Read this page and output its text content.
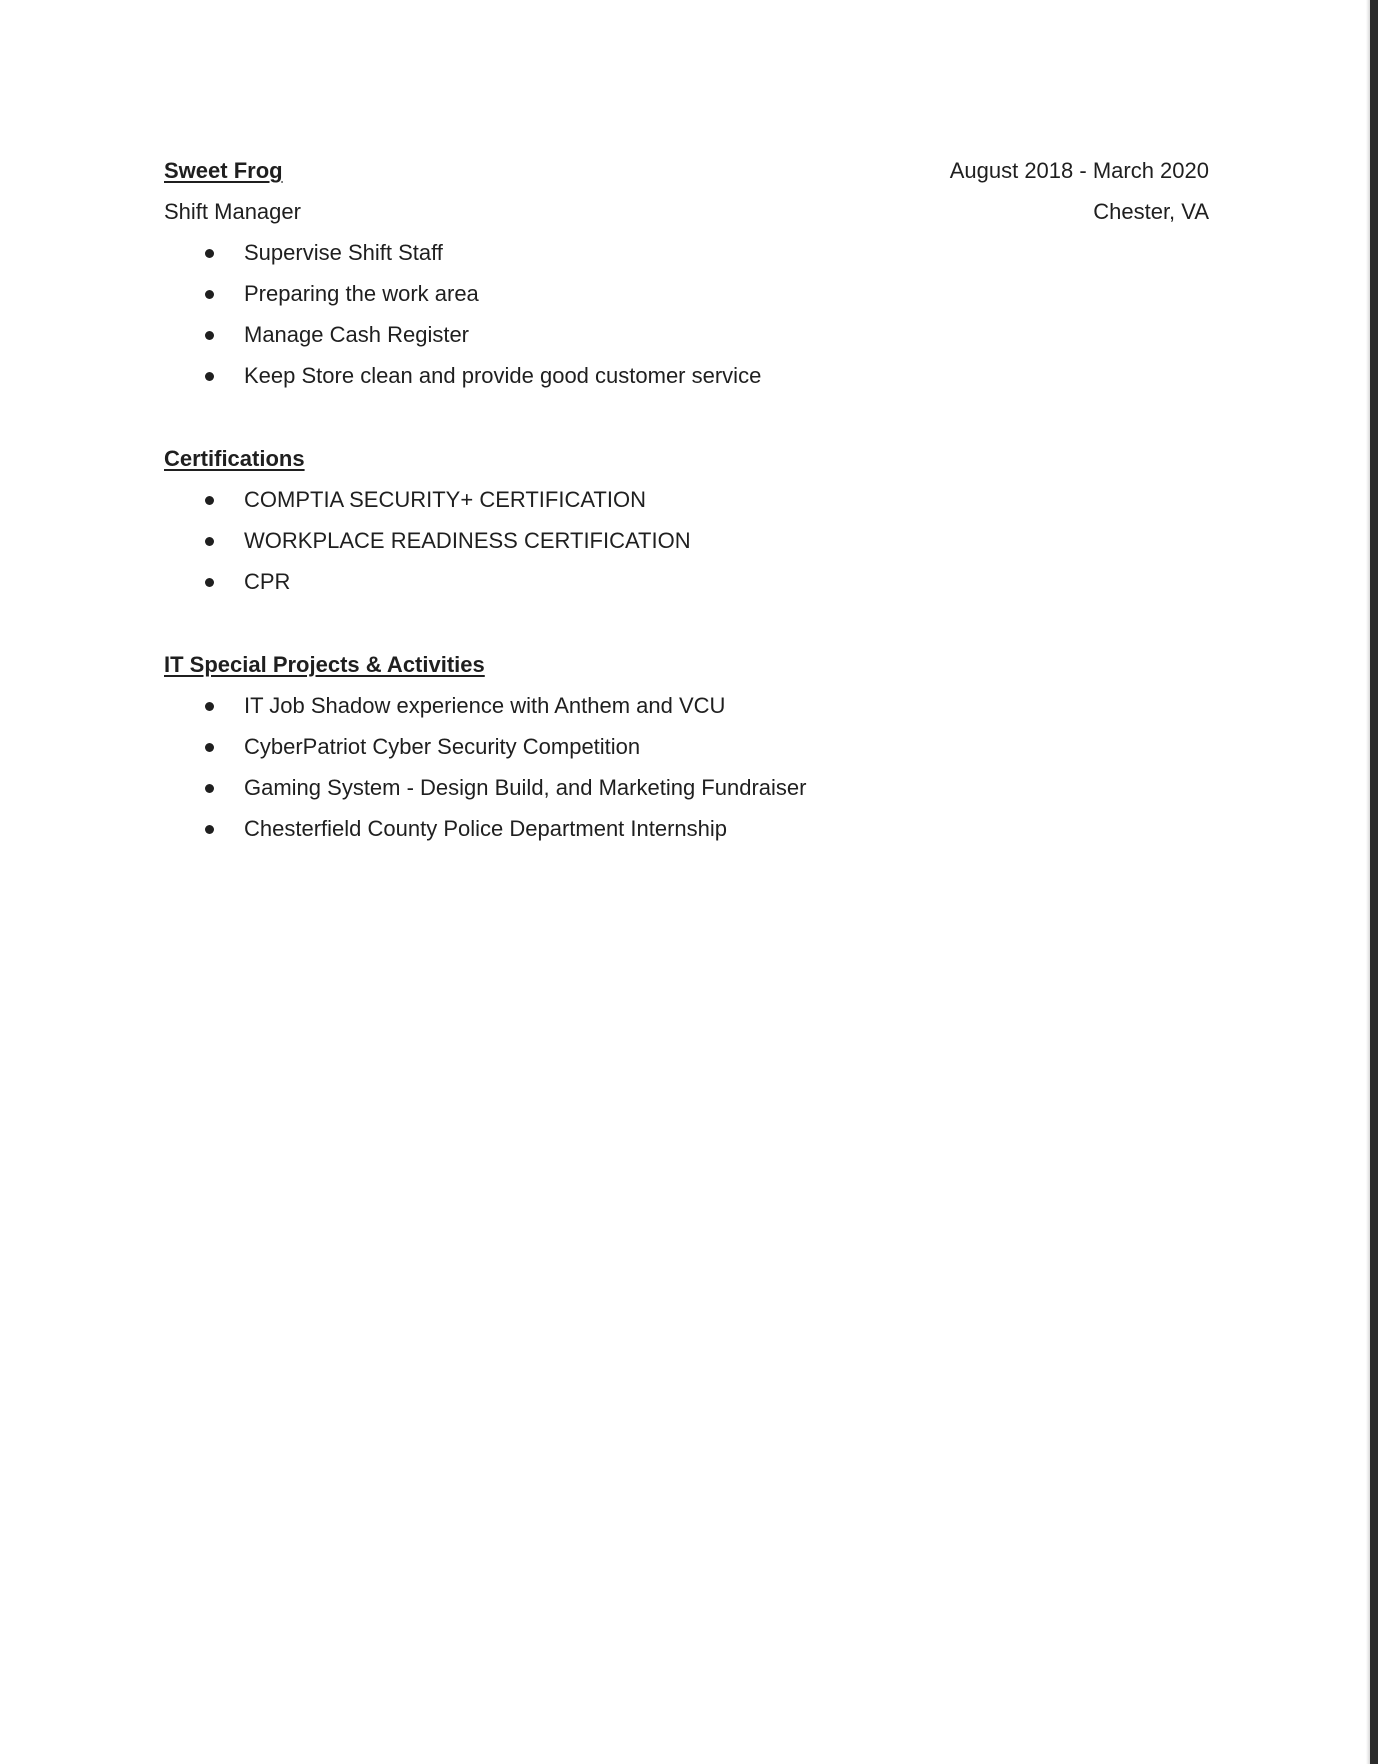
Sweet Frog	August 2018 - March 2020
Shift Manager	Chester, VA
Supervise Shift Staff
Preparing the work area
Manage Cash Register
Keep Store clean and provide good customer service
Certifications
COMPTIA SECURITY+ CERTIFICATION
WORKPLACE READINESS CERTIFICATION
CPR
IT Special Projects & Activities
IT Job Shadow experience with Anthem and VCU
CyberPatriot Cyber Security Competition
Gaming System - Design Build, and Marketing Fundraiser
Chesterfield County Police Department Internship
